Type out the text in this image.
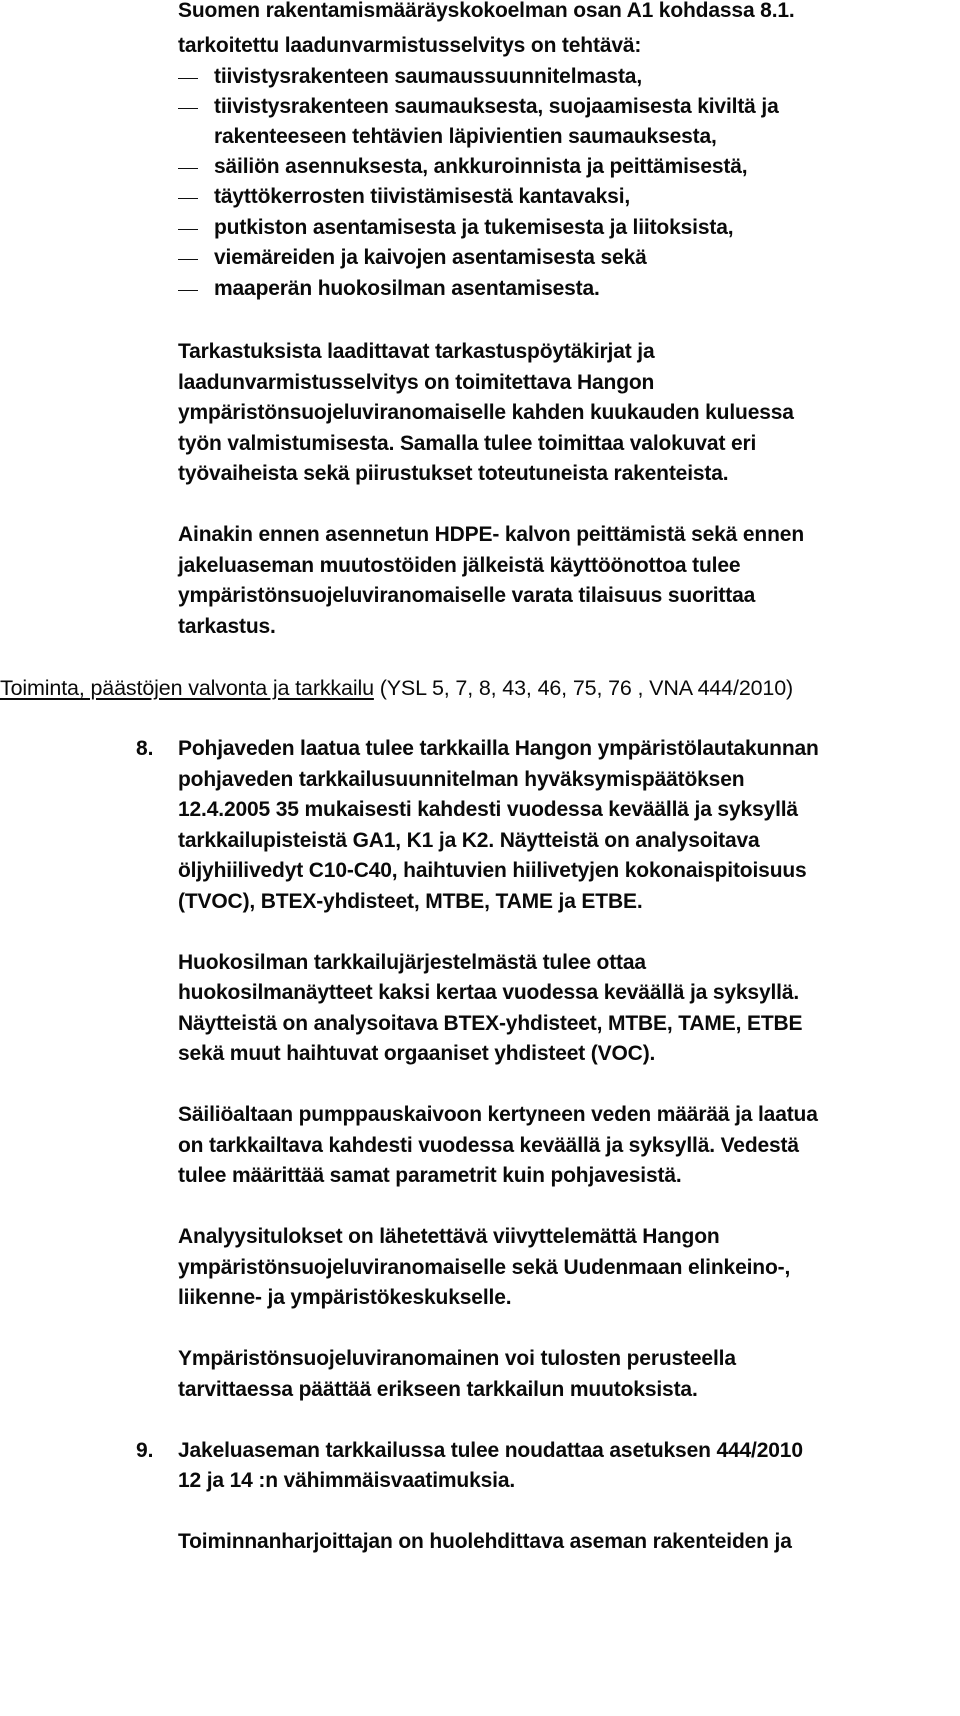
Suomen rakentamismääräyskokoelman osan A1 kohdassa 8.1.
tarkoitettu laadunvarmistusselvitys on tehtävä:
tiivistysrakenteen saumaussuunnitelmasta,
tiivistysrakenteen saumauksesta, suojaamisesta kiviltä ja
rakenteeseen tehtävien läpivientien saumauksesta,
säiliön asennuksesta, ankkuroinnista ja peittämisestä,
täyttökerrosten tiivistämisestä kantavaksi,
putkiston asentamisesta ja tukemisesta ja liitoksista,
viemäreiden ja kaivojen asentamisesta sekä
maaperän huokosilman asentamisesta.
Tarkastuksista laadittavat tarkastuspöytäkirjat ja
laadunvarmistusselvitys on toimitettava Hangon
ympäristönsuojeluviranomaiselle kahden kuukauden kuluessa
työn valmistumisesta. Samalla tulee toimittaa valokuvat eri
työvaiheista sekä piirustukset toteutuneista rakenteista.
Ainakin ennen asennetun HDPE- kalvon peittämistä sekä ennen
jakeluaseman muutostöiden jälkeistä käyttöönottoa tulee
ympäristönsuojeluviranomaiselle varata tilaisuus suorittaa
tarkastus.
Toiminta, päästöjen valvonta ja tarkkailu (YSL 5, 7, 8, 43, 46, 75, 76 , VNA 444/2010)
8. Pohjaveden laatua tulee tarkkailla Hangon ympäristölautakunnan
pohjaveden tarkkailusuunnitelman hyväksymispäätöksen
12.4.2005 35 mukaisesti kahdesti vuodessa keväällä ja syksyllä
tarkkailupisteistä GA1, K1 ja K2. Näytteistä on analysoitava
öljyhiilivedyt C10-C40, haihtuvien hiilivetyjen kokonaispitoisuus
(TVOC), BTEX-yhdisteet, MTBE, TAME ja ETBE.
Huokosilman tarkkailujärjestelmästä tulee ottaa
huokosilmanäytteet kaksi kertaa vuodessa keväällä ja syksyllä.
Näytteistä on analysoitava BTEX-yhdisteet, MTBE, TAME, ETBE
sekä muut haihtuvat orgaaniset yhdisteet (VOC).
Säiliöaltaan pumppauskaivoon kertyneen veden määrää ja laatua
on tarkkailtava kahdesti vuodessa keväällä ja syksyllä. Vedestä
tulee määrittää samat parametrit kuin pohjavesistä.
Analyysitulokset on lähetettävä viivyttelemättä Hangon
ympäristönsuojeluviranomaiselle sekä Uudenmaan elinkeino-,
liikenne- ja ympäristökeskukselle.
Ympäristönsuojeluviranomainen voi tulosten perusteella
tarvittaessa päättää erikseen tarkkailun muutoksista.
9. Jakeluaseman tarkkailussa tulee noudattaa asetuksen 444/2010
12 ja 14 :n vähimmäisvaatimuksia.
Toiminnanharjoittajan on huolehdittava aseman rakenteiden ja
